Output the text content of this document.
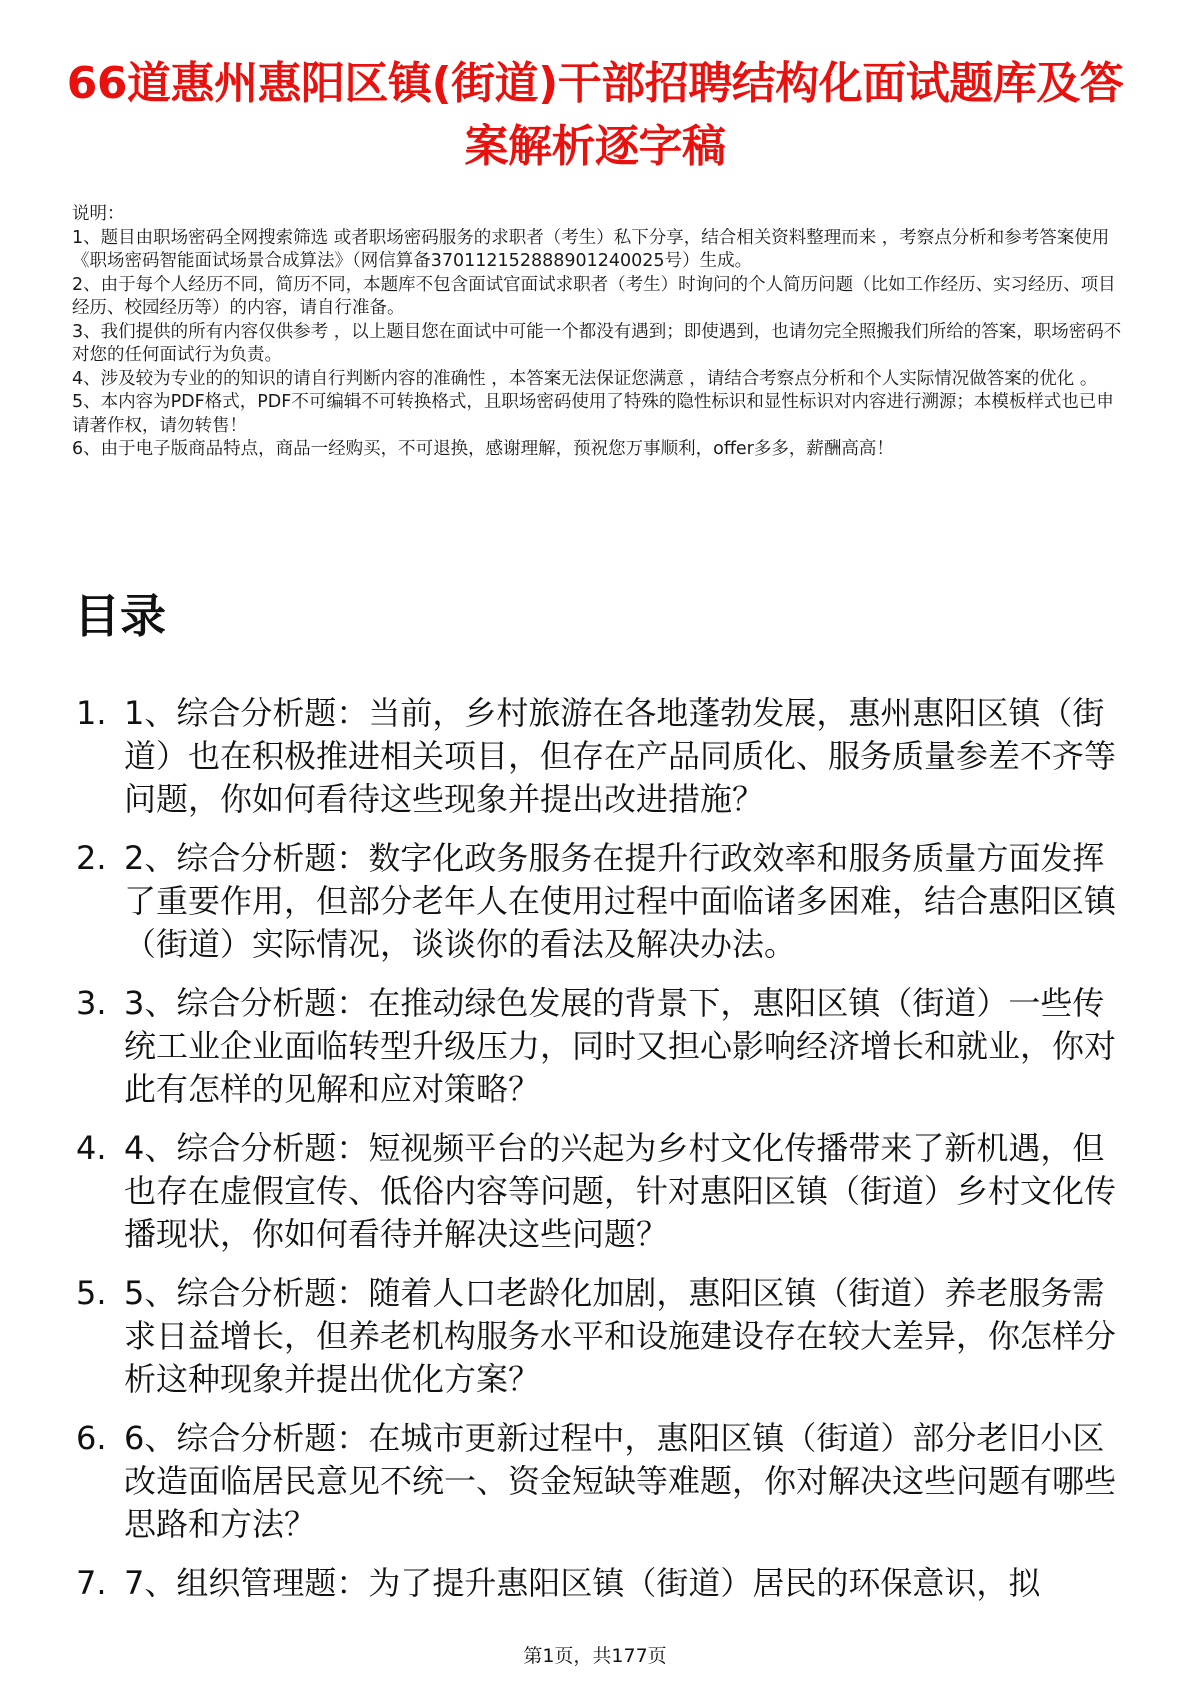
66道惠州惠阳区镇(街道)干部招聘结构化面试题库及答案解析逐字稿

说明：

1、题目由职场密码全网搜索筛选 或者职场密码服务的求职者（考生）私下分享，结合相关资料整理而来 ，考察点分析和参考答案使用《职场密码智能面试场景合成算法》（网信算备370112152888901240025号）生成。

2、由于每个人经历不同，简历不同，本题库不包含面试官面试求职者（考生）时询问的个人简历问题（比如工作经历、实习经历、项目经历、校园经历等）的内容，请自行准备。

3、我们提供的所有内容仅供参考 ，以上题目您在面试中可能一个都没有遇到；即使遇到，也请勿完全照搬我们所给的答案，职场密码不对您的任何面试行为负责。

4、涉及较为专业的的知识的请自行判断内容的准确性 ，本答案无法保证您满意 ，请结合考察点分析和个人实际情况做答案的优化 。

5、本内容为PDF格式，PDF不可编辑不可转换格式，且职场密码使用了特殊的隐性标识和显性标识对内容进行溯源；本模板样式也已申请著作权，请勿转售！

6、由于电子版商品特点，商品一经购买，不可退换，感谢理解，预祝您万事顺利，offer多多，薪酬高高！

目录
1. 1、综合分析题：当前，乡村旅游在各地蓬勃发展，惠州惠阳区镇（街道）也在积极推进相关项目，但存在产品同质化、服务质量参差不齐等问题，你如何看待这些现象并提出改进措施？
2. 2、综合分析题：数字化政务服务在提升行政效率和服务质量方面发挥了重要作用，但部分老年人在使用过程中面临诸多困难，结合惠阳区镇（街道）实际情况，谈谈你的看法及解决办法。
3. 3、综合分析题：在推动绿色发展的背景下，惠阳区镇（街道）一些传统工业企业面临转型升级压力，同时又担心影响经济增长和就业，你对此有怎样的见解和应对策略？
4. 4、综合分析题：短视频平台的兴起为乡村文化传播带来了新机遇，但也存在虚假宣传、低俗内容等问题，针对惠阳区镇（街道）乡村文化传播现状，你如何看待并解决这些问题？
5. 5、综合分析题：随着人口老龄化加剧，惠阳区镇（街道）养老服务需求日益增长，但养老机构服务水平和设施建设存在较大差异，你怎样分析这种现象并提出优化方案？
6. 6、综合分析题：在城市更新过程中，惠阳区镇（街道）部分老旧小区改造面临居民意见不统一、资金短缺等难题，你对解决这些问题有哪些思路和方法？
7. 7、组织管理题：为了提升惠阳区镇（街道）居民的环保意识，拟
第1页，共177页
